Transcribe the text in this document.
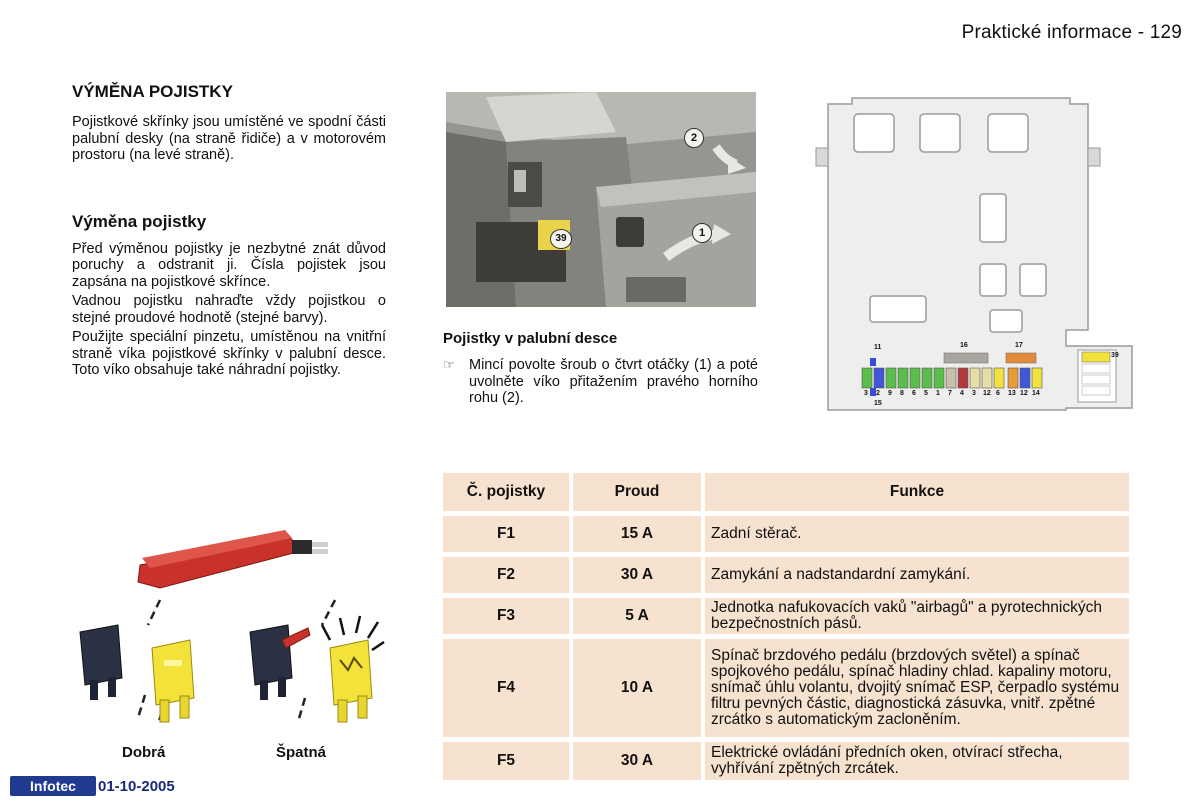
Praktické informace - 129
VÝMĚNA POJISTKY

Pojistkové skřínky jsou umístěné ve spodní části palubní desky (na straně řidiče) a v motorovém prostoru (na levé straně).

Výměna pojistky

Před výměnou pojistky je nezbytné znát důvod poruchy a odstranit ji. Čísla pojistek jsou zapsána na pojistkové skřínce.

Vadnou pojistku nahraďte vždy pojistkou o stejné proudové hodnotě (stejné barvy).

Použijte speciální pinzetu, umístěnou na vnitřní straně víka pojistkové skřínky v palubní desce. Toto víko obsahuje také náhradní pojistky.

1
2
39
Pojistky v palubní desce
☞ Mincí povolte šroub o čtvrt otáčky (1) a poté uvolněte víko přitažením pravého horního rohu (2).
11	16	17
39
15
3 2 9 8 6 5 1 7 4 3 12 6 13 12 14
Č. pojistky	Proud	Funkce
F1	15 A	Zadní stěrač.
F2	30 A	Zamykání a nadstandardní zamykání.
F3	5 A	Jednotka nafukovacích vaků "airbagů" a pyrotechnických bezpečnostních pásů.
F4	10 A	Spínač brzdového pedálu (brzdových světel) a spínač spojkového pedálu, spínač hladiny chlad. kapaliny motoru, snímač úhlu volantu, dvojitý snímač ESP, čerpadlo systému filtru pevných částic, diagnostická zásuvka, vnitř. zpětné zrcátko s automatickým zacloněním.
F5	30 A	Elektrické ovládání předních oken, otvírací střecha, vyhřívání zpětných zrcátek.
Dobrá	Špatná
Infotec 01-10-2005
